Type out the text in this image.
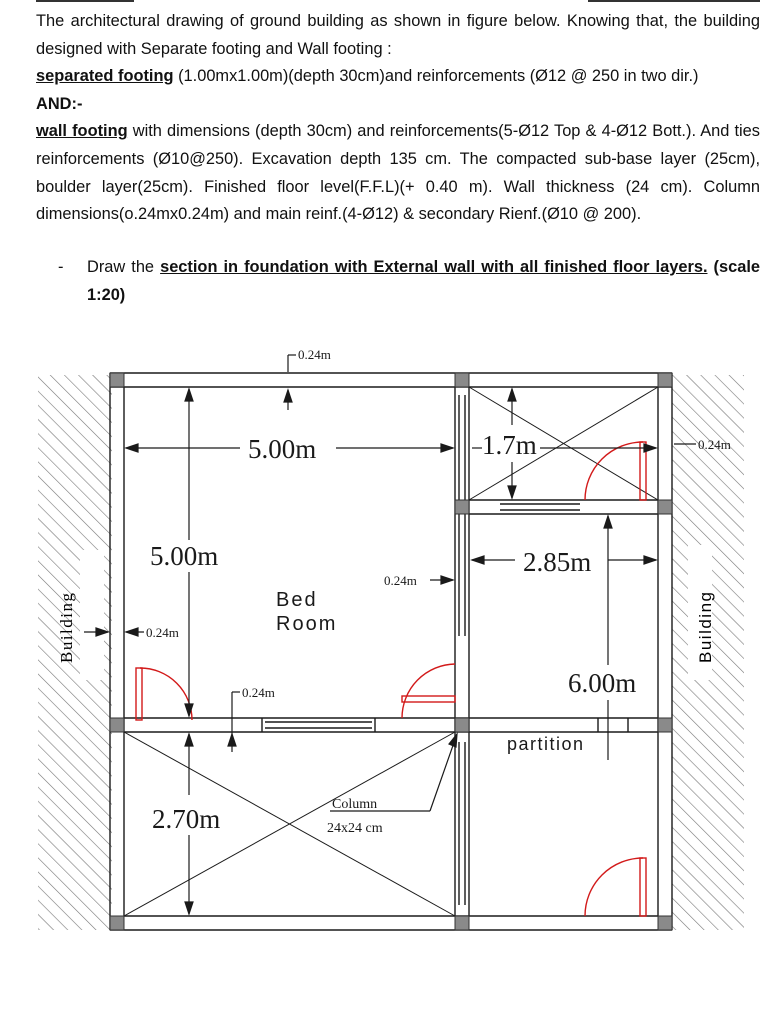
The architectural drawing of ground building as shown in figure below. Knowing that, the building designed with Separate footing and Wall footing :

separated footing (1.00mx1.00m)(depth 30cm)and reinforcements (Ø12 @ 250 in two dir.)

AND:-

wall footing with dimensions (depth 30cm) and reinforcements(5-Ø12 Top & 4-Ø12 Bott.). And ties reinforcements (Ø10@250). Excavation depth 135 cm. The compacted sub-base layer (25cm), boulder layer(25cm). Finished floor level(F.F.L)(+ 0.40 m). Wall thickness (24 cm). Column dimensions(o.24mx0.24m) and main reinf.(4-Ø12) & secondary Rienf.(Ø10 @ 200).

- Draw the section in foundation with External wall with all finished floor layers. (scale 1:20)
Building	Building
0.24m
5.00m	1.7m	0.24m
5.00m
0.24m
2.85m
0.24m
0.24m	6.00m
2.70m	Column
24x24 cm
Bed
Room
partition
